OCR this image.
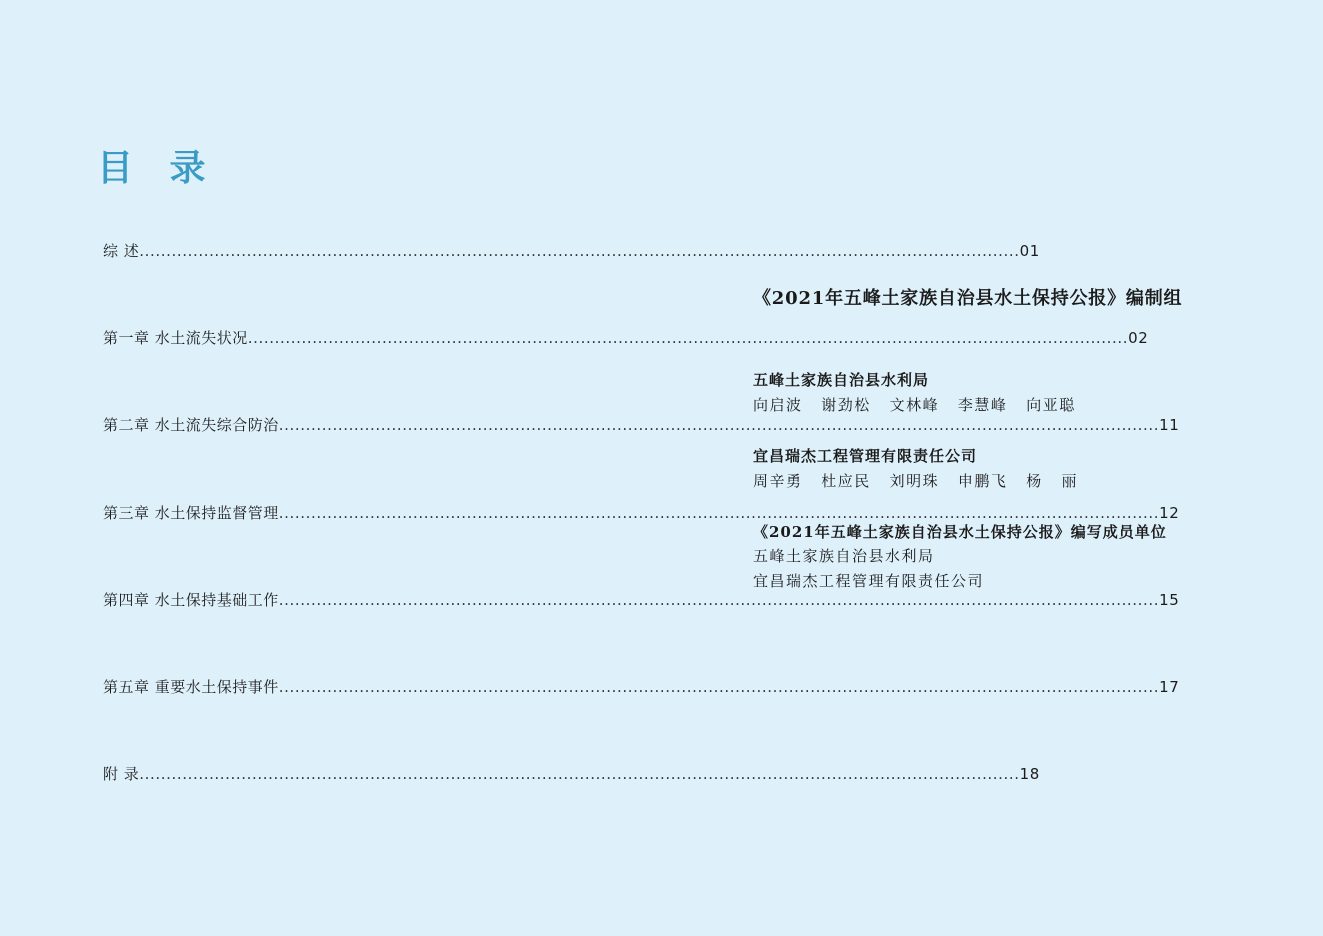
目 录
综 述 .................................................................................................................................................................... 01
第一章 水土流失状况 .................................................................................................................................................................... 02
第二章 水土流失综合防治 .................................................................................................................................................................... 11
第三章 水土保持监督管理 .................................................................................................................................................................... 12
第四章 水土保持基础工作 .................................................................................................................................................................... 15
第五章 重要水土保持事件 .................................................................................................................................................................... 17
附 录 .................................................................................................................................................................... 18
《2021年五峰土家族自治县水土保持公报》编制组
五峰土家族自治县水利局
向启波   谢劲松   文林峰   李慧峰   向亚聪
宜昌瑞杰工程管理有限责任公司
周辛勇   杜应民   刘明珠   申鹏飞   杨   丽
《2021年五峰土家族自治县水土保持公报》编写成员单位
五峰土家族自治县水利局
宜昌瑞杰工程管理有限责任公司
